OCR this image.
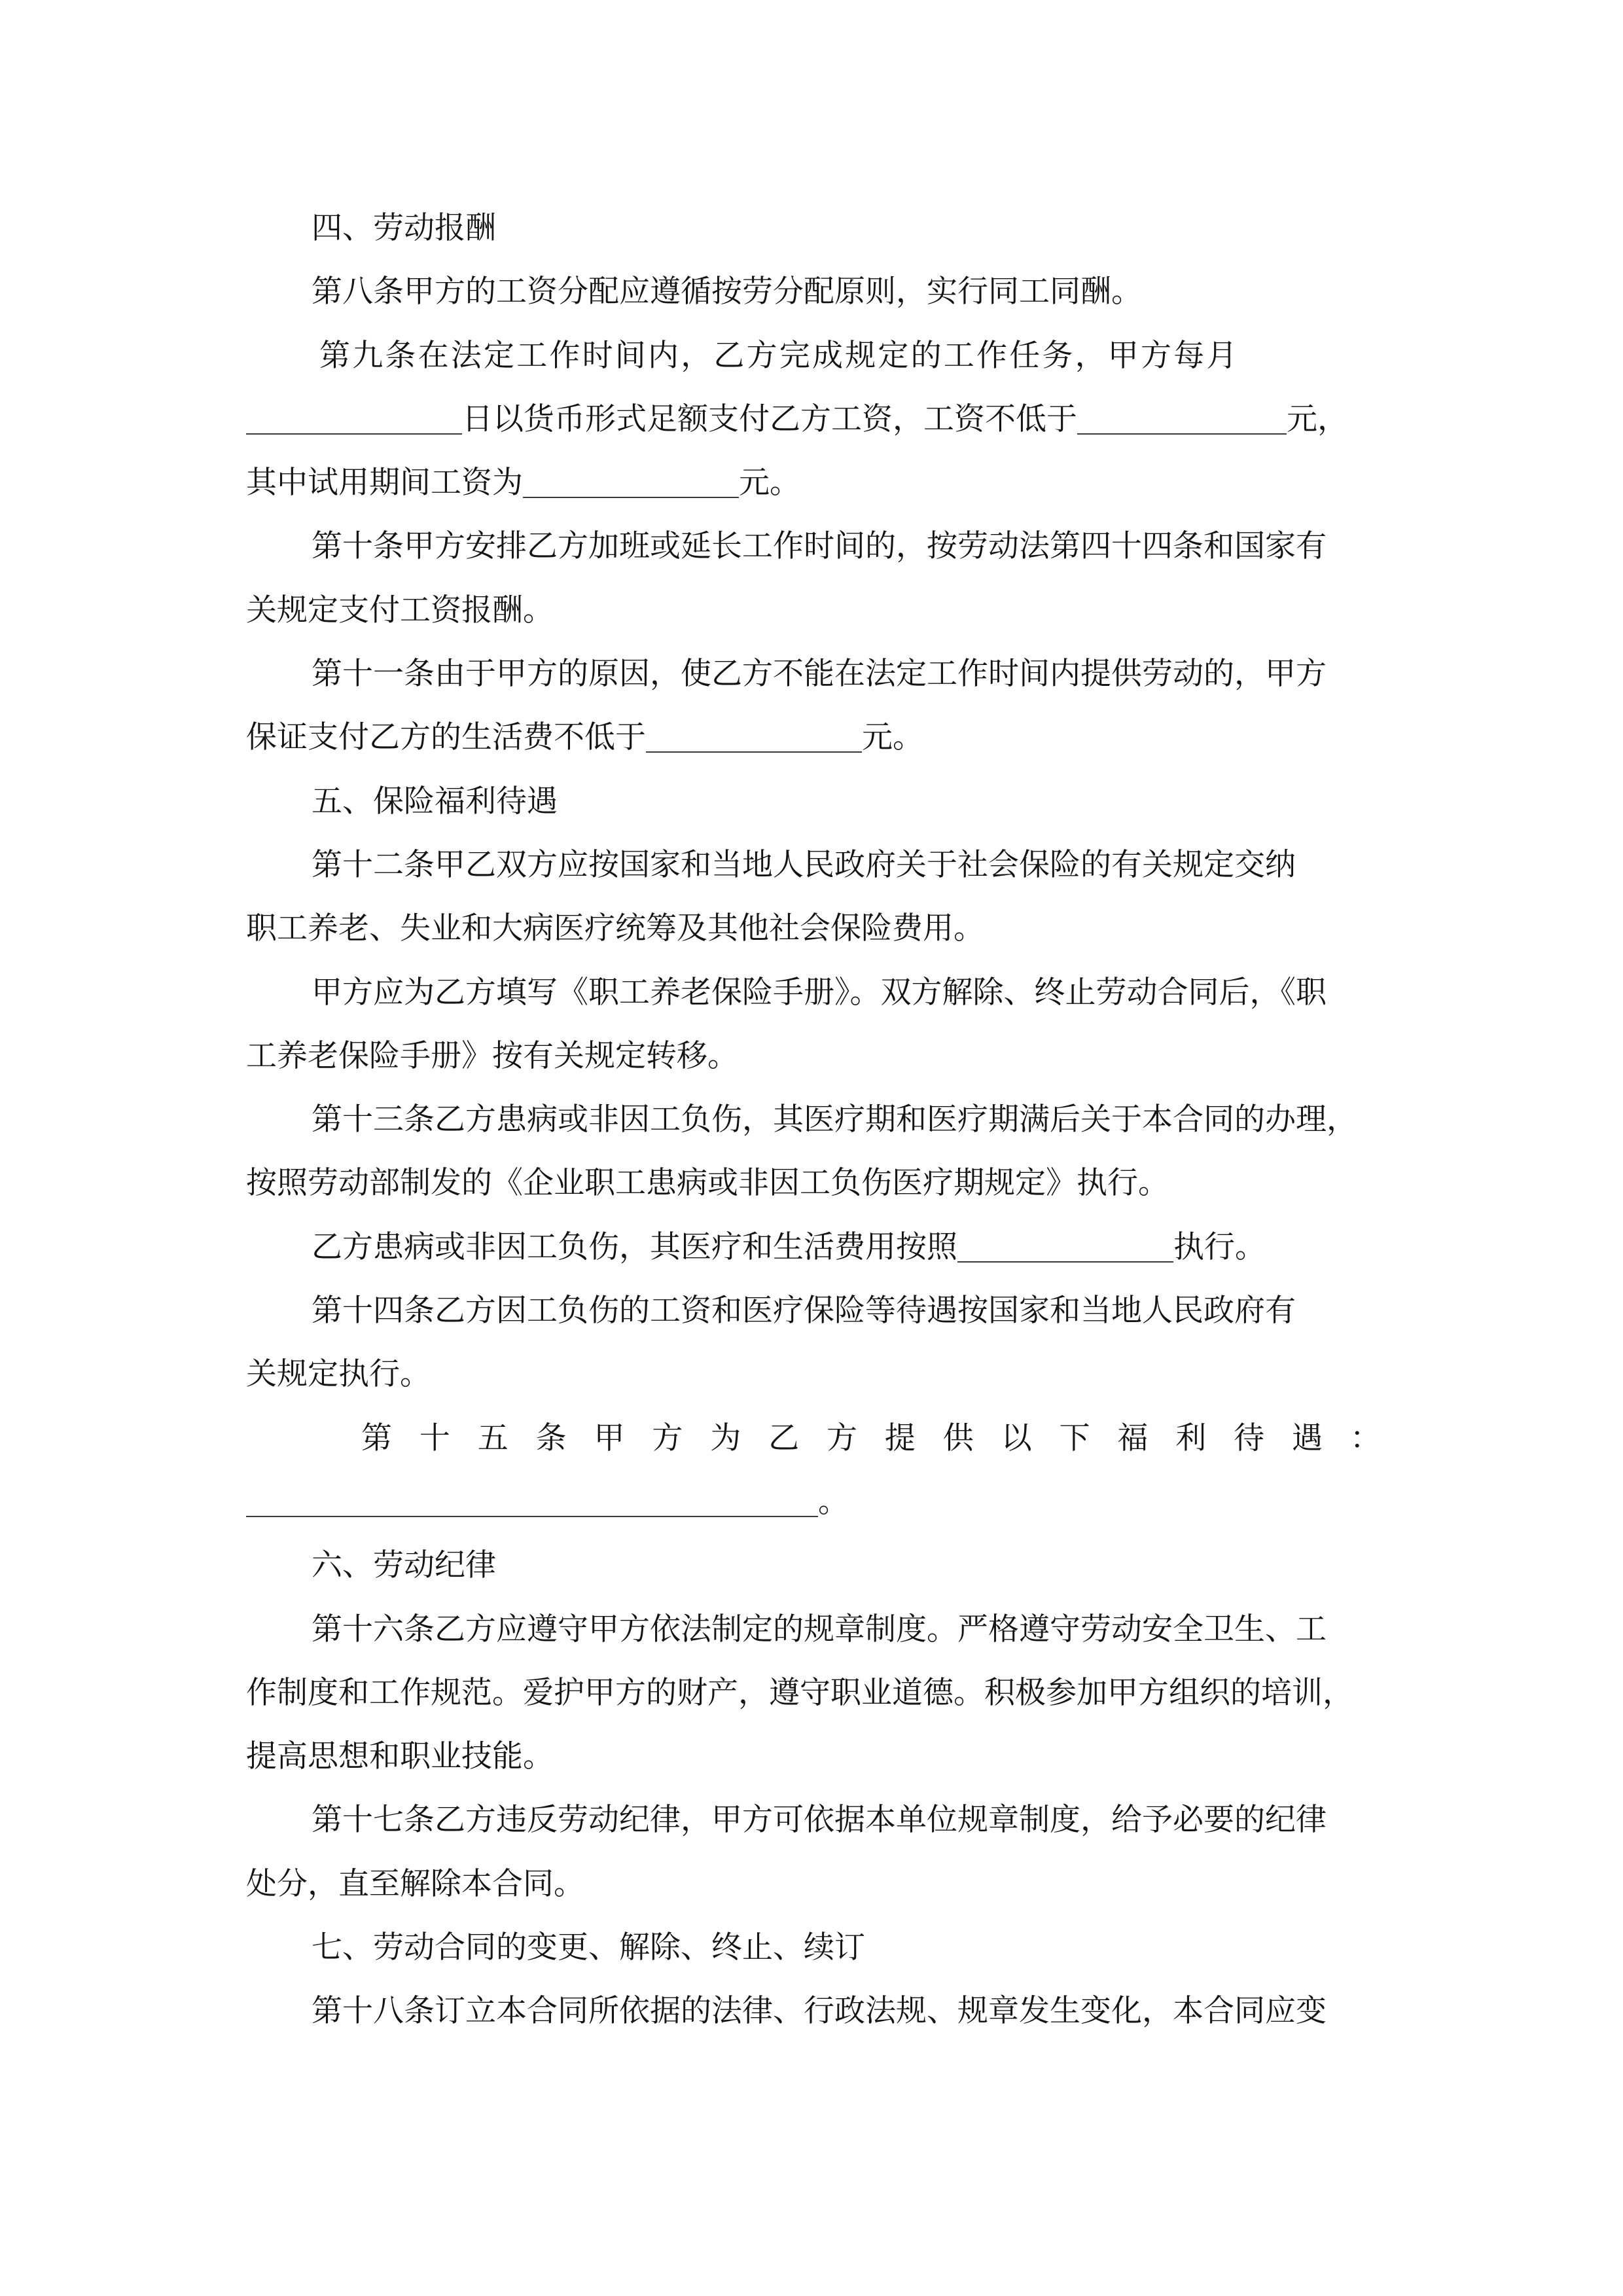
四、劳动报酬
第八条甲方的工资分配应遵循按劳分配原则，实行同工同酬。
第九条在法定工作时间内，乙方完成规定的工作任务，甲方每月
日以货币形式足额支付乙方工资，工资不低于	元，
其中试用期间工资为	元。
第十条甲方安排乙方加班或延长工作时间的，按劳动法第四十四条和国家有
关规定支付工资报酬。
第十一条由于甲方的原因，使乙方不能在法定工作时间内提供劳动的，甲方
保证支付乙方的生活费不低于	元。
五、保险福利待遇
第十二条甲乙双方应按国家和当地人民政府关于社会保险的有关规定交纳
职工养老、失业和大病医疗统筹及其他社会保险费用。
甲方应为乙方填写《职工养老保险手册》。双方解除、终止劳动合同后，《职
工养老保险手册》按有关规定转移。
第十三条乙方患病或非因工负伤，其医疗期和医疗期满后关于本合同的办理，
按照劳动部制发的《企业职工患病或非因工负伤医疗期规定》执行。
乙方患病或非因工负伤，其医疗和生活费用按照	执行。
第十四条乙方因工负伤的工资和医疗保险等待遇按国家和当地人民政府有
关规定执行。
第 十 五 条 甲 方 为 乙 方 提 供 以 下 福 利 待 遇 ：
。
六、劳动纪律
第十六条乙方应遵守甲方依法制定的规章制度。严格遵守劳动安全卫生、工
作制度和工作规范。爱护甲方的财产，遵守职业道德。积极参加甲方组织的培训，
提高思想和职业技能。
第十七条乙方违反劳动纪律，甲方可依据本单位规章制度，给予必要的纪律
处分，直至解除本合同。
七、劳动合同的变更、解除、终止、续订
第十八条订立本合同所依据的法律、行政法规、规章发生变化，本合同应变
